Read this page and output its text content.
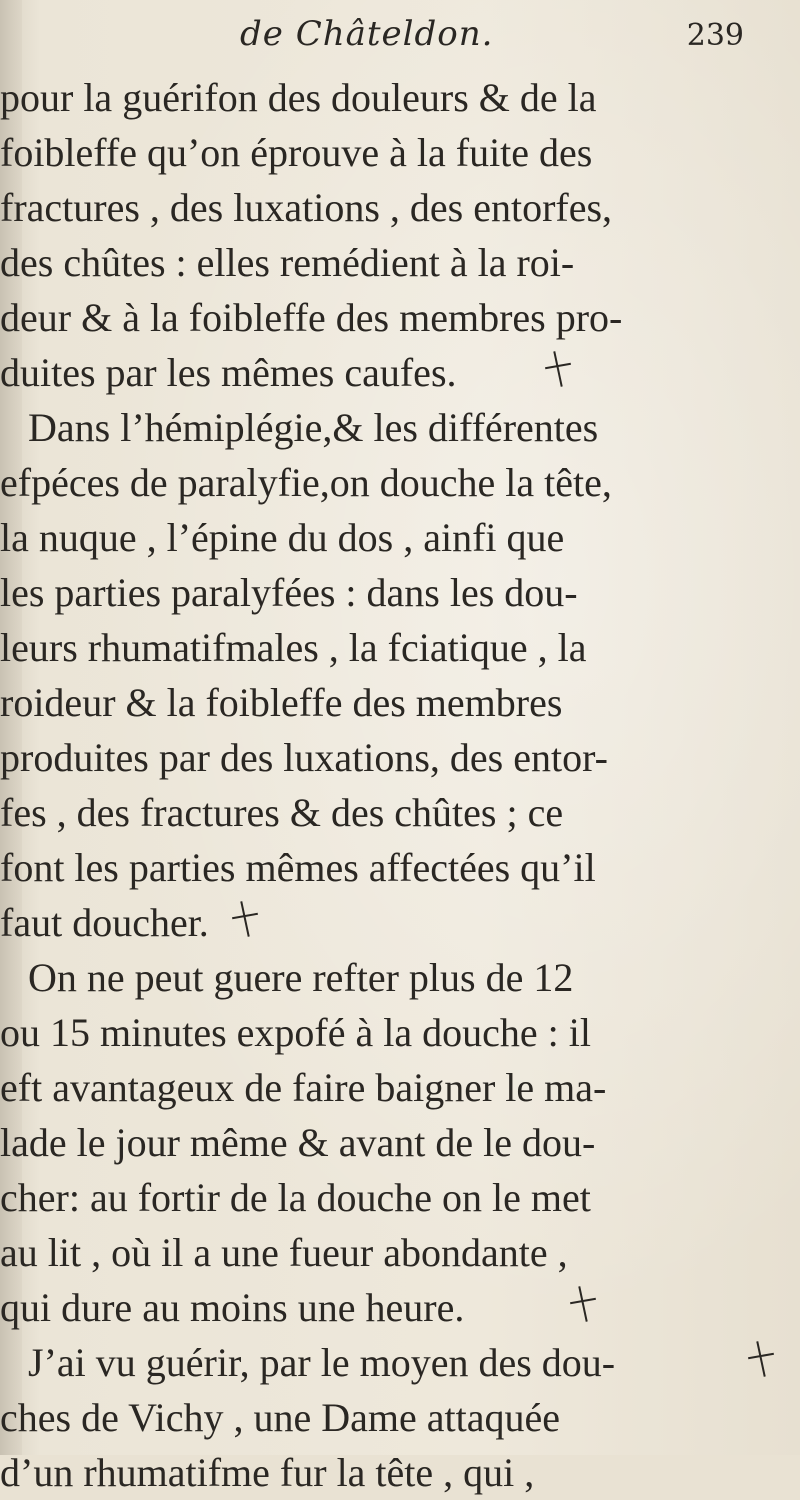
de Châteldon.	239
pour la guérifon des douleurs & de la
foibleffe qu’on éprouve à la fuite des
fractures , des luxations , des entorfes,
des chûtes : elles remédient à la roi-
deur & à la foibleffe des membres pro-
duites par les mêmes caufes.
Dans l’hémiplégie,& les différentes
efpéces de paralyfie,on douche la tête,
la nuque , l’épine du dos , ainfi que
les parties paralyfées : dans les dou-
leurs rhumatifmales , la fciatique , la
roideur & la foibleffe des membres
produites par des luxations, des entor-
fes , des fractures & des chûtes ; ce
font les parties mêmes affectées qu’il
faut doucher.
On ne peut guere refter plus de 12
ou 15 minutes expofé à la douche : il
eft avantageux de faire baigner le ma-
lade le jour même & avant de le dou-
cher: au fortir de la douche on le met
au lit , où il a une fueur abondante ,
qui dure au moins une heure.
J’ai vu guérir, par le moyen des dou-
ches de Vichy , une Dame attaquée
d’un rhumatifme fur la tête , qui ,
